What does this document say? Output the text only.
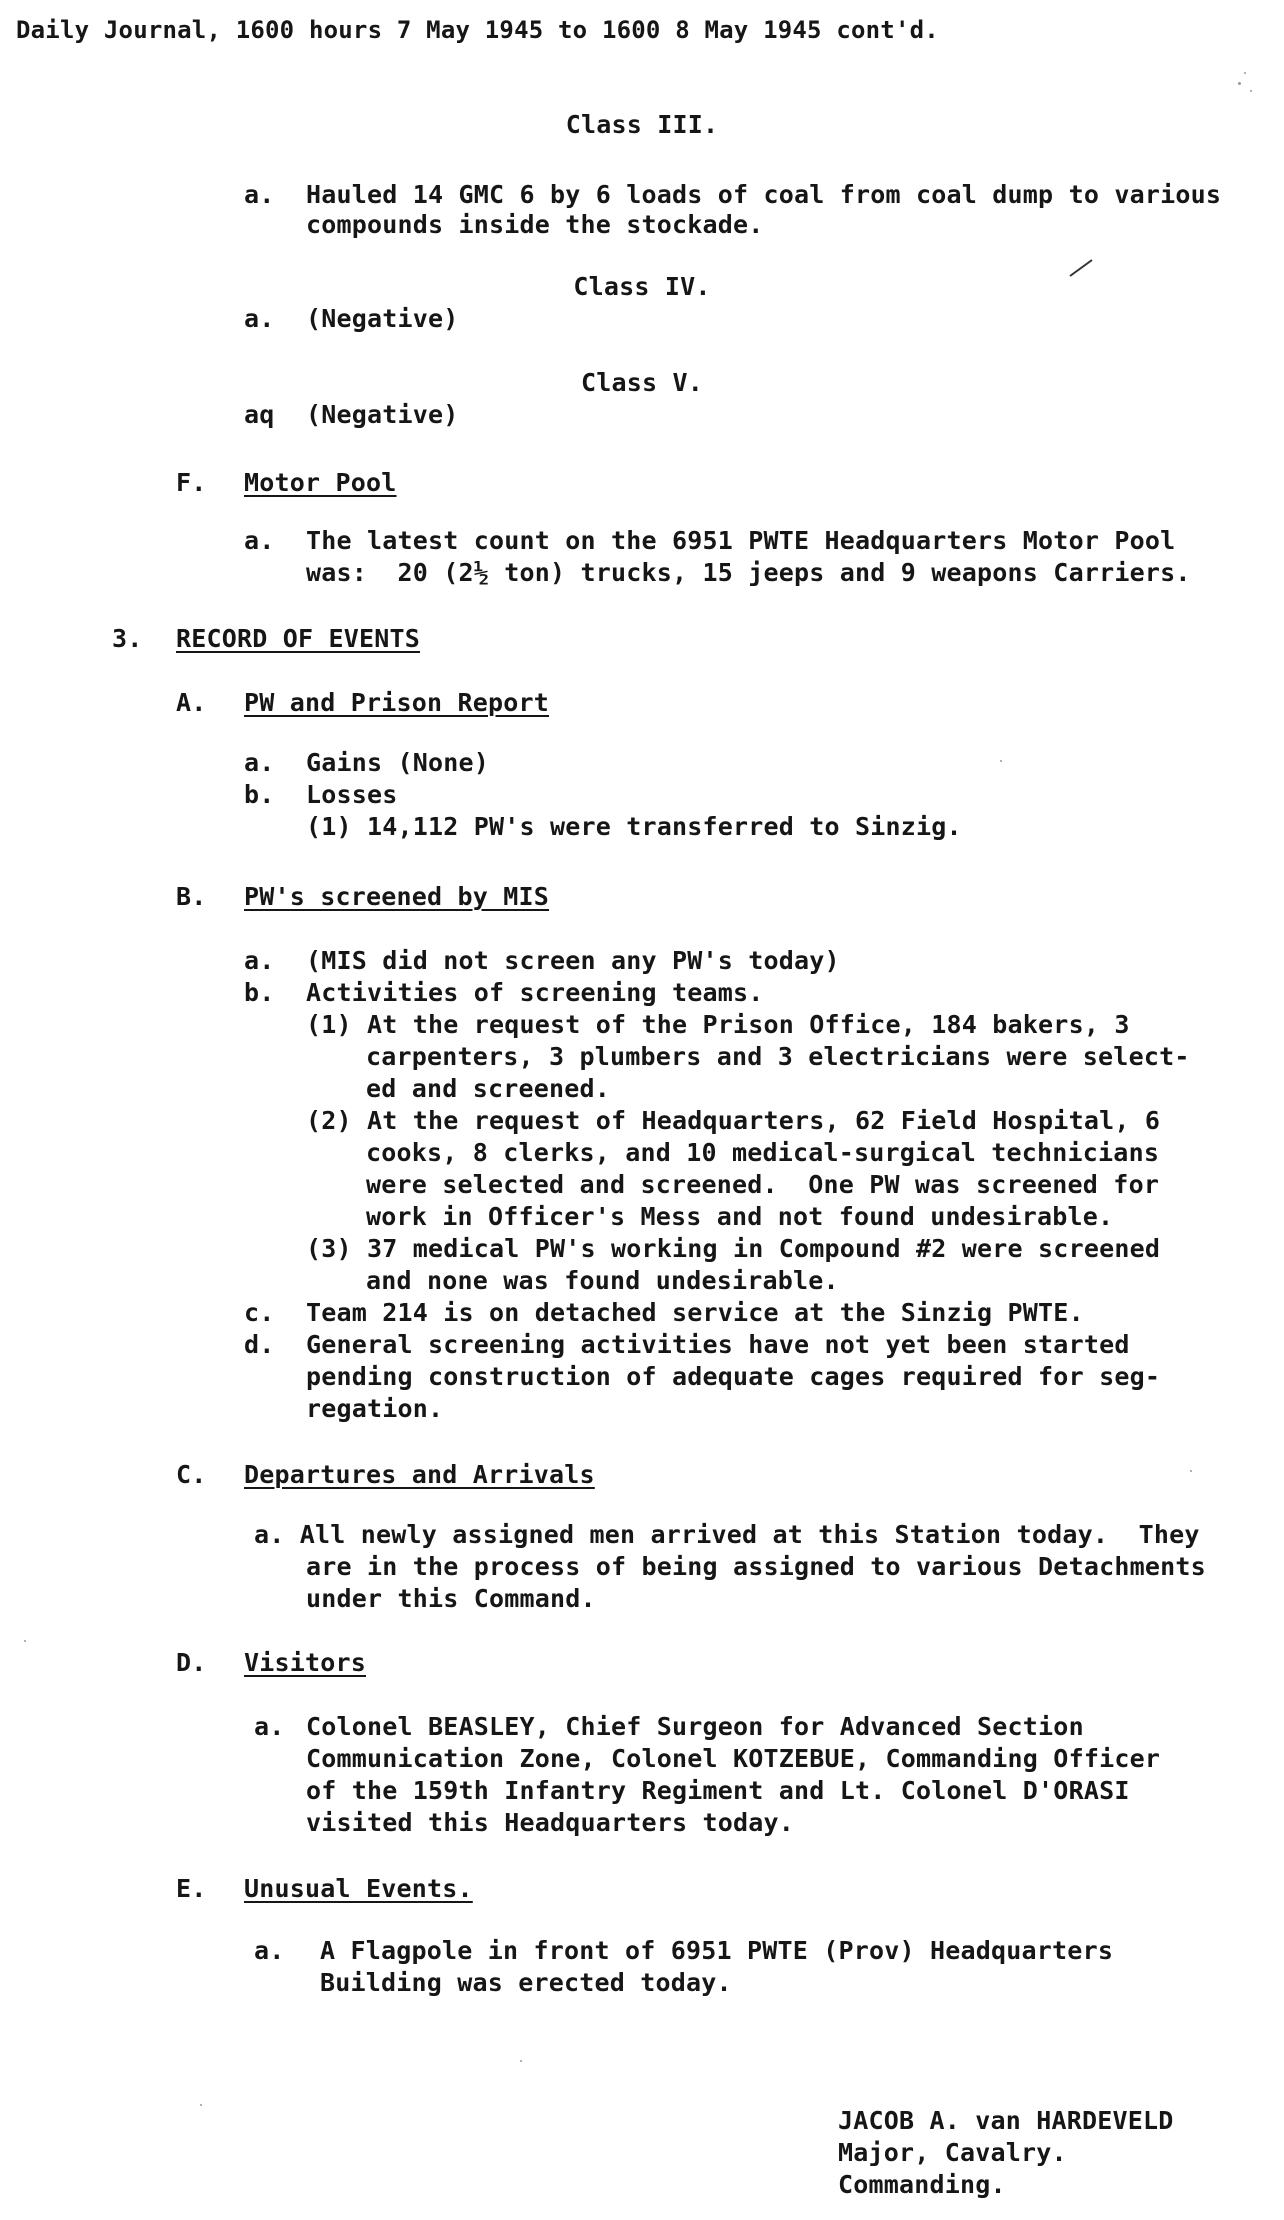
Daily Journal, 1600 hours 7 May 1945 to 1600 8 May 1945 cont'd.
Class III.
a. Hauled 14 GMC 6 by 6 loads of coal from coal dump to various
compounds inside the stockade.
Class IV.
a. (Negative)
Class V.
aq (Negative)
F. Motor Pool
a. The latest count on the 6951 PWTE Headquarters Motor Pool
was:  20 (2½ ton) trucks, 15 jeeps and 9 weapons Carriers.
3. RECORD OF EVENTS
A. PW and Prison Report
a. Gains (None)
b. Losses
(1) 14,112 PW's were transferred to Sinzig.
B. PW's screened by MIS
a. (MIS did not screen any PW's today)
b. Activities of screening teams.
(1) At the request of the Prison Office, 184 bakers, 3
carpenters, 3 plumbers and 3 electricians were select-
ed and screened.
(2) At the request of Headquarters, 62 Field Hospital, 6
cooks, 8 clerks, and 10 medical-surgical technicians
were selected and screened.  One PW was screened for
work in Officer's Mess and not found undesirable.
(3) 37 medical PW's working in Compound #2 were screened
and none was found undesirable.
c. Team 214 is on detached service at the Sinzig PWTE.
d. General screening activities have not yet been started
pending construction of adequate cages required for seg-
regation.
C. Departures and Arrivals
a. All newly assigned men arrived at this Station today.  They
are in the process of being assigned to various Detachments
under this Command.
D. Visitors
a. Colonel BEASLEY, Chief Surgeon for Advanced Section
Communication Zone, Colonel KOTZEBUE, Commanding Officer
of the 159th Infantry Regiment and Lt. Colonel D'ORASI
visited this Headquarters today.
E. Unusual Events.
a. A Flagpole in front of 6951 PWTE (Prov) Headquarters
Building was erected today.
JACOB A. van HARDEVELD
Major, Cavalry.
Commanding.
